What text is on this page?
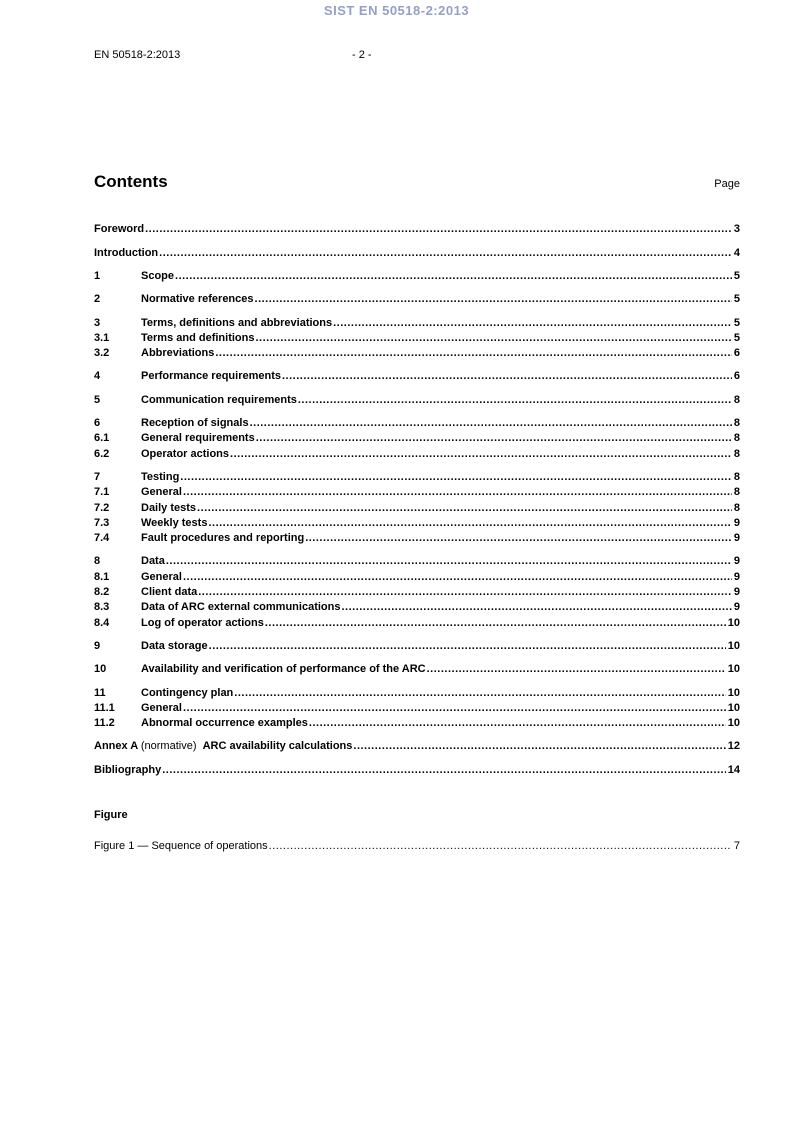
SIST EN 50518-2:2013
EN 50518-2:2013	- 2 -
Contents	Page
Foreword .....	3
Introduction .....	4
1	Scope .....	5
2	Normative references .....	5
3	Terms, definitions and abbreviations .....	5
3.1	Terms and definitions .....	5
3.2	Abbreviations .....	6
4	Performance requirements .....	6
5	Communication requirements .....	8
6	Reception of signals .....	8
6.1	General requirements .....	8
6.2	Operator actions .....	8
7	Testing .....	8
7.1	General .....	8
7.2	Daily tests .....	8
7.3	Weekly tests .....	9
7.4	Fault procedures and reporting .....	9
8	Data .....	9
8.1	General .....	9
8.2	Client data .....	9
8.3	Data of ARC external communications .....	9
8.4	Log of operator actions .....	10
9	Data storage .....	10
10	Availability and verification of performance of the ARC .....	10
11	Contingency plan .....	10
11.1	General .....	10
11.2	Abnormal occurrence examples .....	10
Annex A (normative)  ARC availability calculations .....	12
Bibliography .....	14
Figure
Figure 1 — Sequence of operations .....	7
